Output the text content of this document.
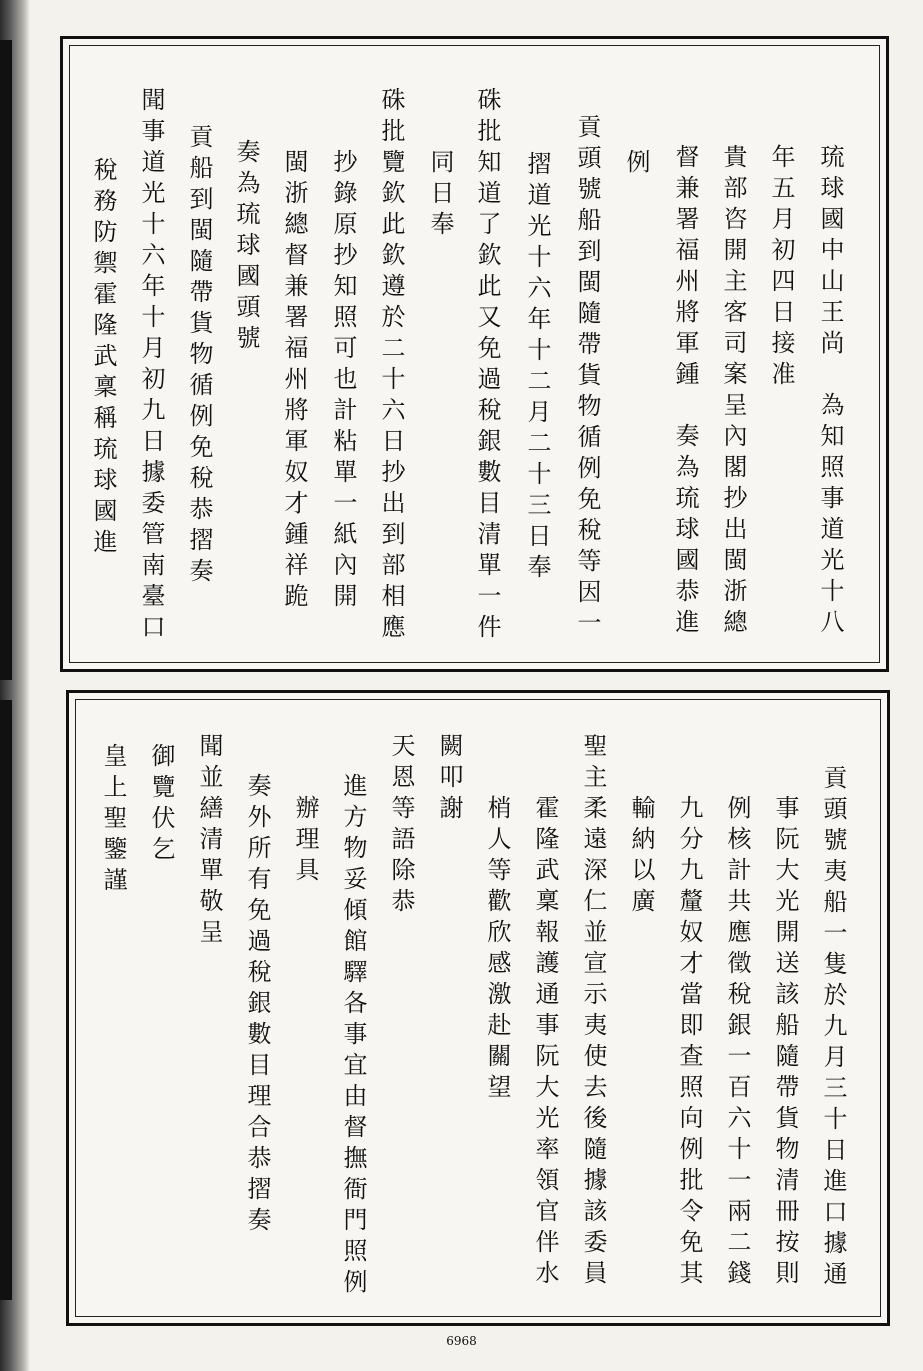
琉球國中山王尚　為知照事道光十八
年五月初四日接准
貴部咨開主客司案呈內閣抄出閩浙總
督兼署福州將軍鍾　奏為琉球國恭進
例
貢頭號船到閩隨帶貨物循例免稅等因一
摺道光十六年十二月二十三日奉
硃批知道了欽此又免過稅銀數目清單一件
同日奉
硃批覽欽此欽遵於二十六日抄出到部相應
抄錄原抄知照可也計粘單一紙內開
閩浙總督兼署福州將軍奴才鍾祥跪
奏為琉球國頭號
貢船到閩隨帶貨物循例免稅恭摺奏
聞事道光十六年十月初九日據委管南臺口
稅務防禦霍隆武稟稱琉球國進
貢頭號夷船一隻於九月三十日進口據通
事阮大光開送該船隨帶貨物清冊按則
例核計共應徵稅銀一百六十一兩二錢
九分九釐奴才當即查照向例批令免其
輸納以廣
聖主柔遠深仁並宣示夷使去後隨據該委員
霍隆武稟報護通事阮大光率領官伴水
梢人等歡欣感激赴關望
闕叩謝
天恩等語除恭
進方物妥傾館驛各事宜由督撫衙門照例
辦理具
奏外所有免過稅銀數目理合恭摺奏
聞並繕清單敬呈
御覽伏乞
皇上聖鑒謹
6968
